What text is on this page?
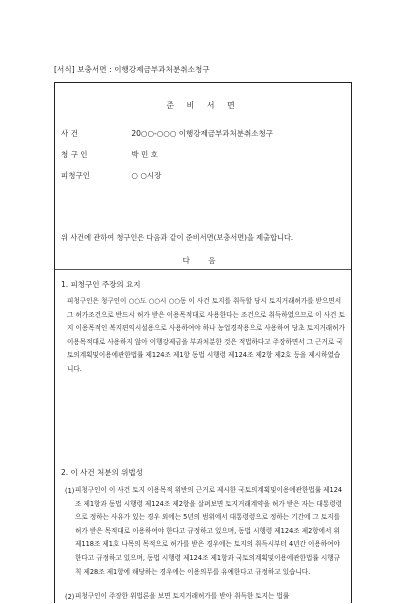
[서식] 보충서면 : 이행강제금부과처분취소청구
준 비 서 면
사 건	20○○-○○○ 이행강제금부과처분취소청구
청 구 인	박 민 호
피청구인	○ ○시장
위 사건에 관하여 청구인은 다음과 같이 준비서면(보충서면)을 제출합니다.
다 음
1. 피청구인 주장의 요지
피청구인은 청구인이 ○○도 ○○시 ○○동 이 사건 토지를 취득할 당시 토지거래허가를 받으면서 그 허가조건으로 반드시 허가 받은 이용목적대로 사용한다는 조건으로 취득하였으므로 이 사건 토지 이용목적인 복지편익시설용으로 사용하여야 하나 농업경작용으로 사용하여 당초 토지거래허가 이용목적대로 사용하지 않아 이행강제금을 부과처분한 것은 적법하다고 주장하면서 그 근거로 국토의계획및이용에관한법률 제124조 제1항 동법 시행령 제124조 제2항 제2호 등을 제시하였습니다.
2. 이 사건 처분의 위법성
(1) 피청구인이 이 사건 토지 이용목적 위반의 근거로 제시한 국토의계획및이용에관한법률 제124조 제1항과 동법 시행령 제124조 제2항을 살펴보면 토지거래계약을 허가 받은 자는 대통령령으로 정하는 사유가 있는 경우 외에는 5년의 범위에서 대통령령으로 정하는 기간에 그 토지를 허가 받은 목적대로 이용하여야 한다고 규정하고 있으며, 동법 시행령 제124조 제2항에서 위 제118조 제1호 나목의 목적으로 허가를 받은 경우에는 토지의 취득시부터 4년간 이용하여야 한다고 규정하고 있으며, 동법 시행령 제124조 제1항과 국토의계획및이용에관한법률 시행규칙 제28조 제1항에 해당하는 경우에는 이용의무를 유예한다고 규정하고 있습니다.
(2) 피청구인이 주장한 위법론을 보면 토지거래허가를 받아 취득한 토지는 법률
